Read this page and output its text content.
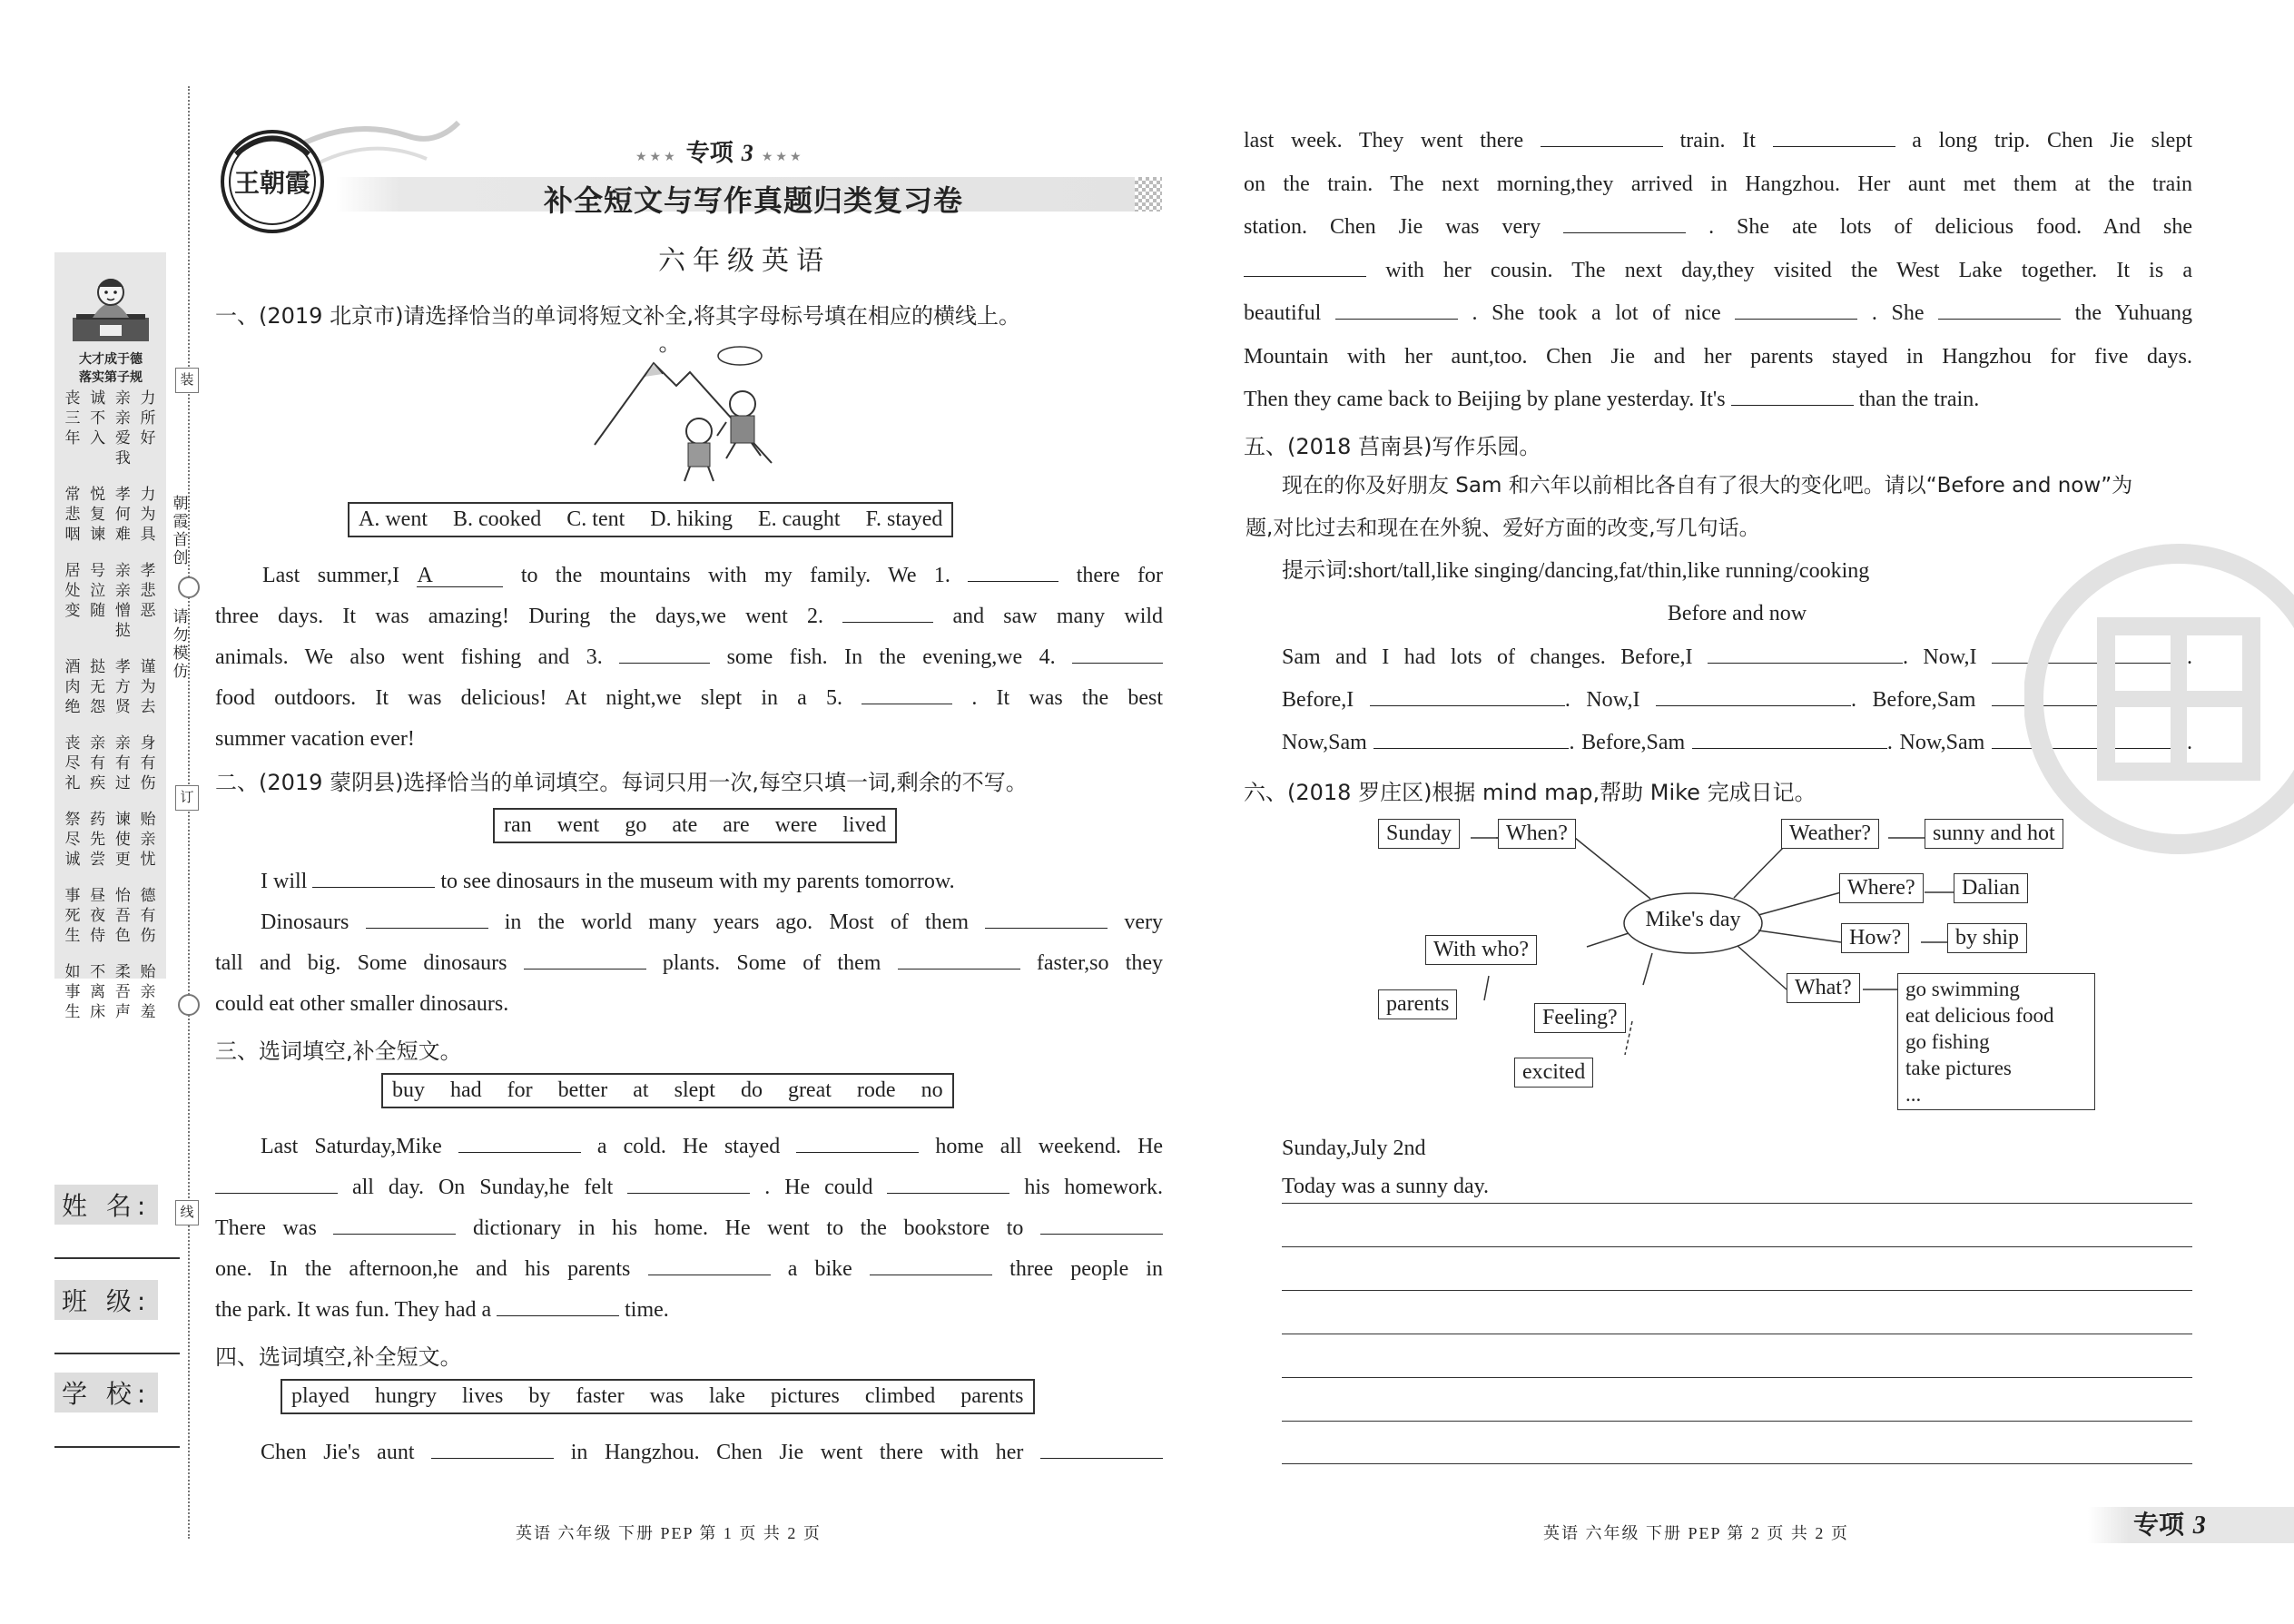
装
朝霞首创
请勿模仿
订
线
大才成于德
落实第子规
丧三年
诚不入
亲亲爱我
力所好
常悲咽
悦复谏
孝何难
力为具
居处变
号泣随
亲亲憎挞
孝悲恶
酒肉绝
挞无怨
孝方贤
谨为去
丧尽礼
亲有疾
亲有过
身有伤
祭尽诚
药先尝
谏使更
贻亲忧
事死生
昼夜侍
怡吾色
德有伤
如事生
不离床
柔吾声
贻亲羞
姓 名:
班 级:
学 校:
王朝霞
★★★ 专项 3 ★★★
补全短文与写作真题归类复习卷
六年级英语
一、(2019 北京市)请选择恰当的单词将短文补全,将其字母标号填在相应的横线上。
A. went B. cooked C. tent D. hiking E. caught F. stayed
Last summer,I A	to the mountains with my family. We 1.	there for
three days. It was amazing! During the days,we went 2.	and saw many wild
animals. We also went fishing and 3.	some fish. In the evening,we 4.
food outdoors. It was delicious! At night,we slept in a 5.	. It was the best
summer vacation ever!
二、(2019 蒙阴县)选择恰当的单词填空。每词只用一次,每空只填一词,剩余的不写。
ran went go ate are were lived
I will	to see dinosaurs in the museum with my parents tomorrow.
Dinosaurs	in the world many years ago. Most of them	very
tall and big. Some dinosaurs	plants. Some of them	faster,so they
could eat other smaller dinosaurs.
三、选词填空,补全短文。
buy had for better at slept do great rode no
Last Saturday,Mike	a cold. He stayed	home all weekend. He
all day. On Sunday,he felt	. He could	his homework.
There was	dictionary in his home. He went to the bookstore to
one. In the afternoon,he and his parents	a bike	three people in
the park. It was fun. They had a	time.
四、选词填空,补全短文。
played hungry lives by faster was lake pictures climbed parents
Chen Jie's aunt	in Hangzhou. Chen Jie went there with her
last week. They went there	train. It	a long trip. Chen Jie slept
on the train. The next morning,they arrived in Hangzhou. Her aunt met them at the train
station. Chen Jie was very	. She ate lots of delicious food. And she
with her cousin. The next day,they visited the West Lake together. It is a
beautiful	. She took a lot of nice	. She	the Yuhuang
Mountain with her aunt,too. Chen Jie and her parents stayed in Hangzhou for five days.
Then they came back to Beijing by plane yesterday. It's	than the train.
五、(2018 莒南县)写作乐园。
现在的你及好朋友 Sam 和六年以前相比各自有了很大的变化吧。请以“Before and now”为
题,对比过去和现在在外貌、爱好方面的改变,写几句话。
提示词:short/tall,like singing/dancing,fat/thin,like running/cooking
Before and now
Sam and I had lots of changes. Before,I	. Now,I	.
Before,I	. Now,I	. Before,Sam
Now,Sam	. Before,Sam	. Now,Sam	.
六、(2018 罗庄区)根据 mind map,帮助 Mike 完成日记。
Sunday	When?
Mike's day
Weather?	sunny and hot
Where?	Dalian
How?	by ship
With who?
parents
Feeling?
excited
What?	go swimming
eat delicious food
go fishing
take pictures
...
Sunday,July 2nd
Today was a sunny day.
英语 六年级 下册 PEP 第 1 页 共 2 页	英语 六年级 下册 PEP 第 2 页 共 2 页	专项 3
